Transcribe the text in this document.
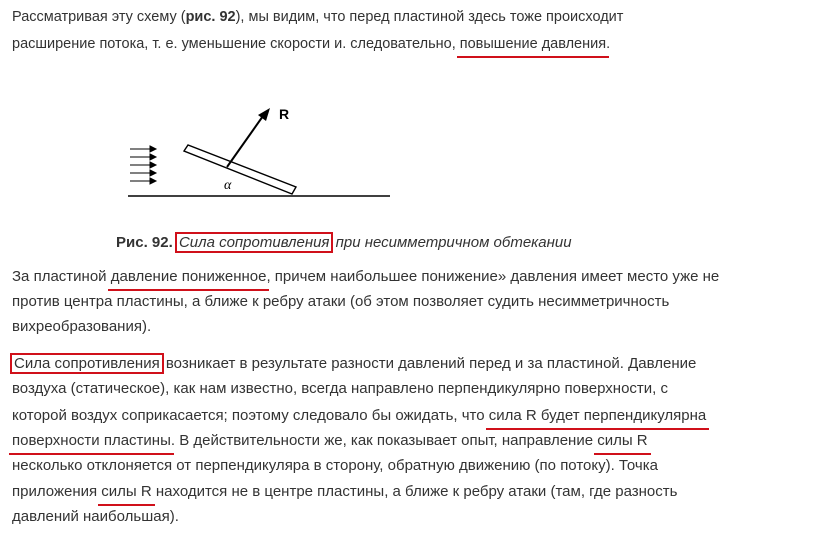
Рассматривая эту схему (рис. 92), мы видим, что перед пластиной здесь тоже происходит
расширение потока, т. е. уменьшение скорости и. следовательно, повышение давления.
R
α
Рис. 92. Сила сопротивления при несимметричном обтекании
За пластиной давление пониженное, причем наибольшее понижение» давления имеет место уже не
против центра пластины, а ближе к ребру атаки (об этом позволяет судить несимметричность
вихреобразования).
Сила сопротивления возникает в результате разности давлений перед и за пластиной. Давление
воздуха (статическое), как нам известно, всегда направлено перпендикулярно поверхности, с
которой воздух соприкасается; поэтому следовало бы ожидать, что сила R будет перпендикулярна
поверхности пластины. В действительности же, как показывает опыт, направление силы R
несколько отклоняется от перпендикуляра в сторону, обратную движению (по потоку). Точка
приложения силы R находится не в центре пластины, а ближе к ребру атаки (там, где разность
давлений наибольшая).
